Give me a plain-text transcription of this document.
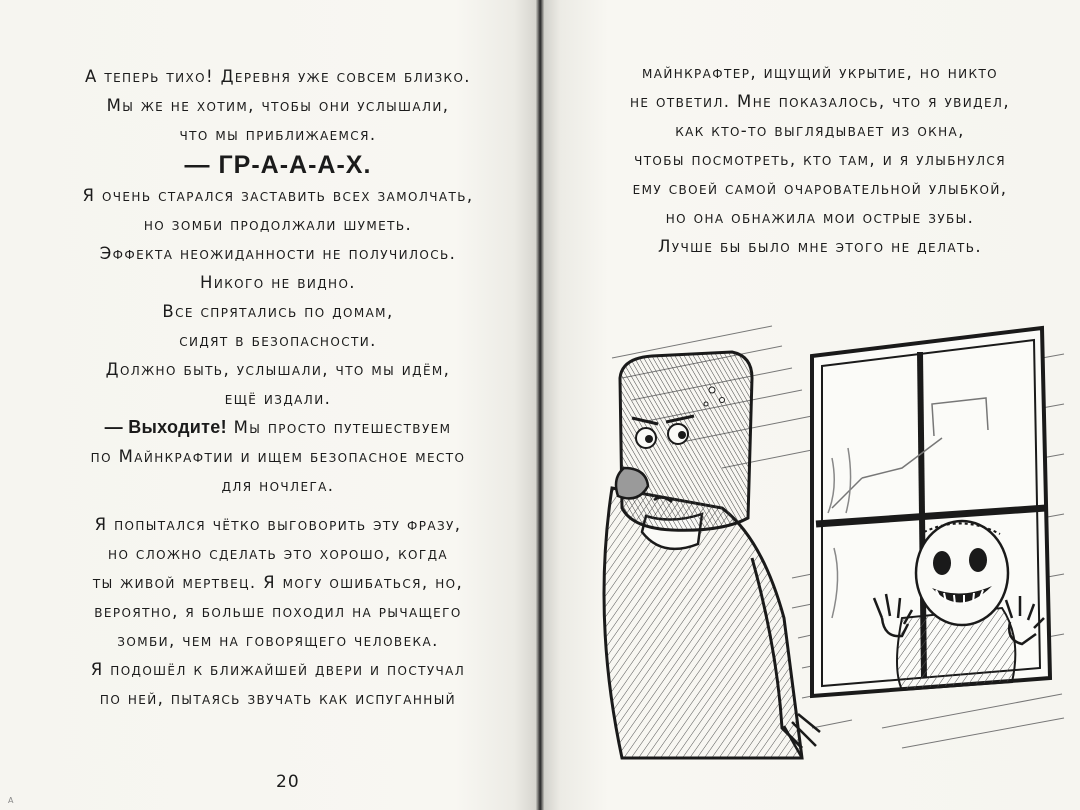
А теперь тихо! Деревня уже совсем близко.
Мы же не хотим, чтобы они услышали,
что мы приближаемся.
— ГР-А-А-А-Х.
Я очень старался заставить всех замолчать,
но зомби продолжали шуметь.
Эффекта неожиданности не получилось.
Никого не видно.
Все спрятались по домам,
сидят в безопасности.
Должно быть, услышали, что мы идём,
ещё издали.
— Выходите! Мы просто путешествуем
по Майнкрафтии и ищем безопасное место
для ночлега.
Я попытался чётко выговорить эту фразу,
но сложно сделать это хорошо, когда
ты живой мертвец. Я могу ошибаться, но,
вероятно, я больше походил на рычащего
зомби, чем на говорящего человека.
Я подошёл к ближайшей двери и постучал
по ней, пытаясь звучать как испуганный
20
A
майнкрафтер, ищущий укрытие, но никто
не ответил. Мне показалось, что я увидел,
как кто-то выглядывает из окна,
чтобы посмотреть, кто там, и я улыбнулся
ему своей самой очаровательной улыбкой,
но она обнажила мои острые зубы.
Лучше бы было мне этого не делать.
